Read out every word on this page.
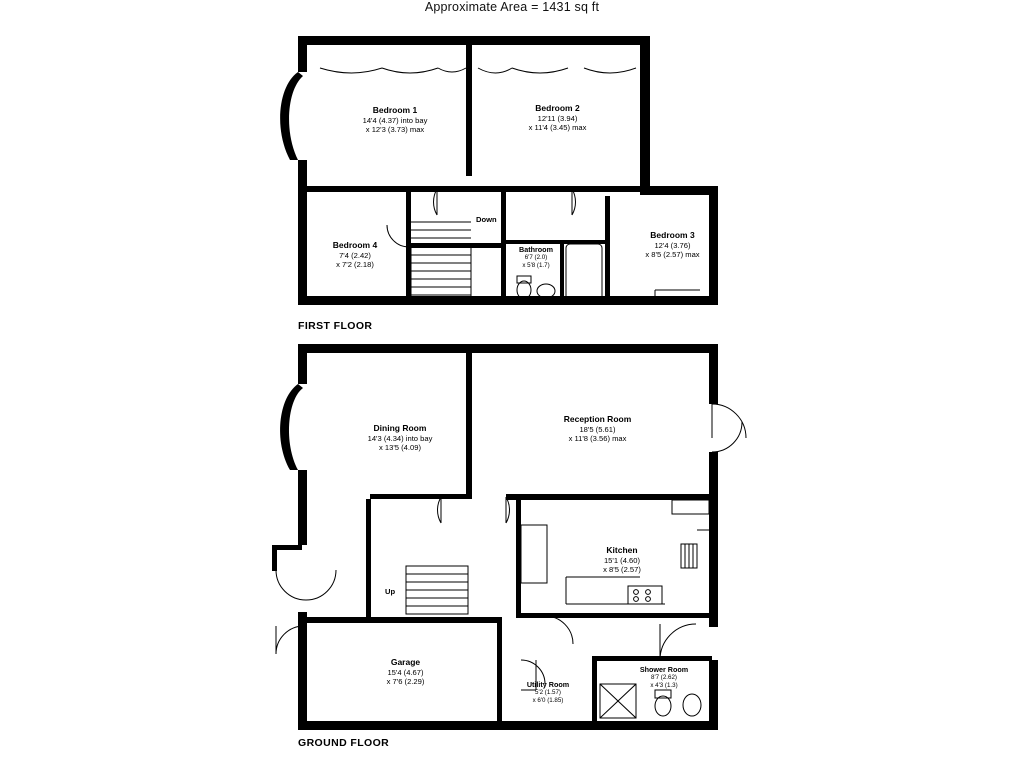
Approximate Area = 1431 sq ft
FIRST FLOOR
GROUND FLOOR
Down
Up
Bedroom 1
14'4 (4.37) into bay
x 12'3 (3.73) max
Bedroom 2
12'11 (3.94)
x 11'4 (3.45) max
Bedroom 3
12'4 (3.76)
x 8'5 (2.57) max
Bedroom 4
7'4 (2.42)
x 7'2 (2.18)
Bathroom
6'7 (2.0)
x 5'8 (1.7)
Dining Room
14'3 (4.34) into bay
x 13'5 (4.09)
Reception Room
18'5 (5.61)
x 11'8 (3.56) max
Kitchen
15'1 (4.60)
x 8'5 (2.57)
Garage
15'4 (4.67)
x 7'6 (2.29)	Utility Room
5'2 (1.57)
x 6'0 (1.85)
Shower Room
8'7 (2.62)
x 4'3 (1.3)
